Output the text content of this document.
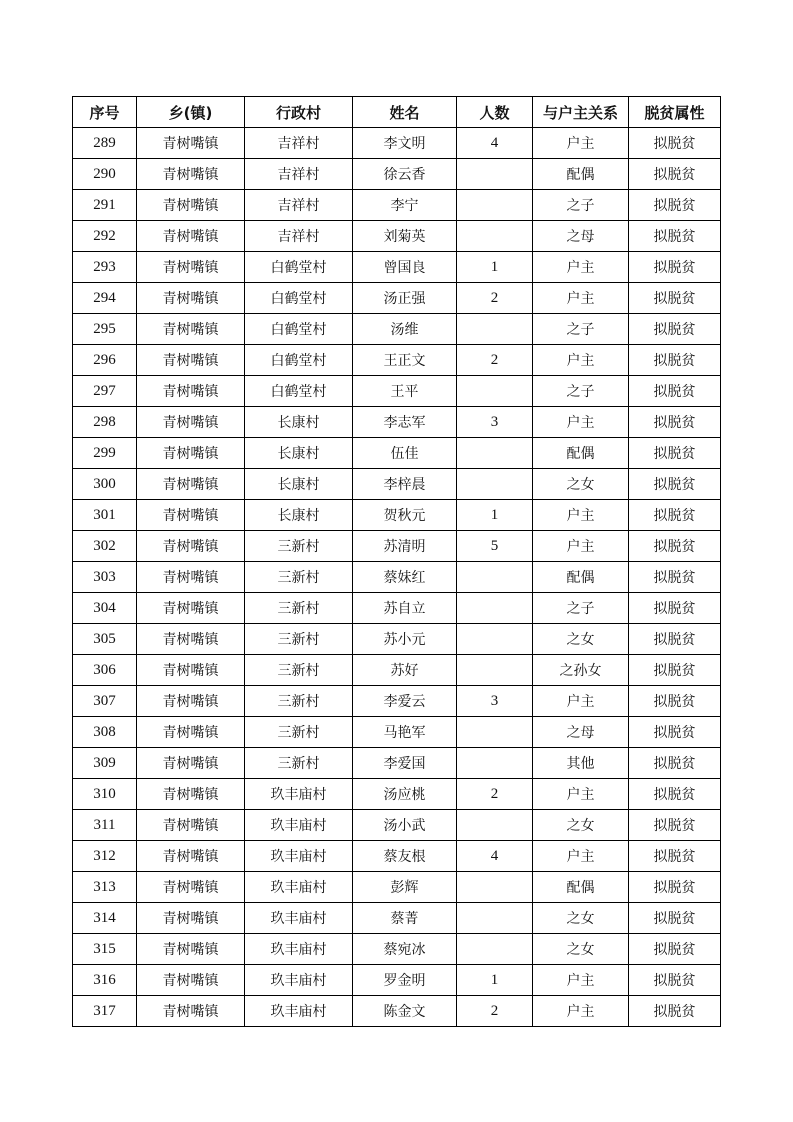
序号	乡(镇)	行政村	姓名	人数	与户主关系	脱贫属性
289	青树嘴镇	吉祥村	李文明	4	户主	拟脱贫
290	青树嘴镇	吉祥村	徐云香		配偶	拟脱贫
291	青树嘴镇	吉祥村	李宁		之子	拟脱贫
292	青树嘴镇	吉祥村	刘菊英		之母	拟脱贫
293	青树嘴镇	白鹤堂村	曾国良	1	户主	拟脱贫
294	青树嘴镇	白鹤堂村	汤正强	2	户主	拟脱贫
295	青树嘴镇	白鹤堂村	汤维		之子	拟脱贫
296	青树嘴镇	白鹤堂村	王正文	2	户主	拟脱贫
297	青树嘴镇	白鹤堂村	王平		之子	拟脱贫
298	青树嘴镇	长康村	李志军	3	户主	拟脱贫
299	青树嘴镇	长康村	伍佳		配偶	拟脱贫
300	青树嘴镇	长康村	李梓晨		之女	拟脱贫
301	青树嘴镇	长康村	贺秋元	1	户主	拟脱贫
302	青树嘴镇	三新村	苏清明	5	户主	拟脱贫
303	青树嘴镇	三新村	蔡妹红		配偶	拟脱贫
304	青树嘴镇	三新村	苏自立		之子	拟脱贫
305	青树嘴镇	三新村	苏小元		之女	拟脱贫
306	青树嘴镇	三新村	苏好		之孙女	拟脱贫
307	青树嘴镇	三新村	李爱云	3	户主	拟脱贫
308	青树嘴镇	三新村	马艳军		之母	拟脱贫
309	青树嘴镇	三新村	李爱国		其他	拟脱贫
310	青树嘴镇	玖丰庙村	汤应桃	2	户主	拟脱贫
311	青树嘴镇	玖丰庙村	汤小武		之女	拟脱贫
312	青树嘴镇	玖丰庙村	蔡友根	4	户主	拟脱贫
313	青树嘴镇	玖丰庙村	彭辉		配偶	拟脱贫
314	青树嘴镇	玖丰庙村	蔡菁		之女	拟脱贫
315	青树嘴镇	玖丰庙村	蔡宛冰		之女	拟脱贫
316	青树嘴镇	玖丰庙村	罗金明	1	户主	拟脱贫
317	青树嘴镇	玖丰庙村	陈金文	2	户主	拟脱贫
